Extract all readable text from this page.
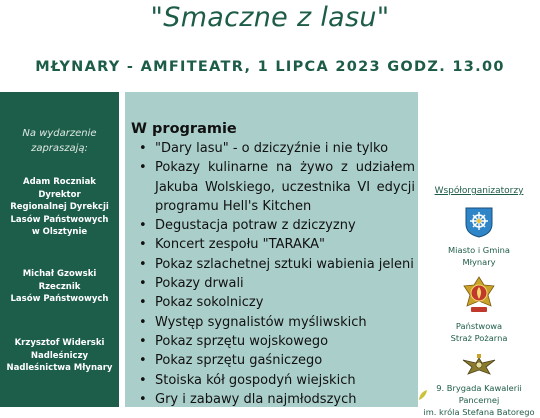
"Smaczne z lasu"
MŁYNARY - AMFITEATR, 1 LIPCA 2023 GODZ. 13.00
Na wydarzenie
zapraszają:
Adam Roczniak
Dyrektor
Regionalnej Dyrekcji
Lasów Państwowych
w Olsztynie
Michał Gzowski
Rzecznik
Lasów Państwowych
Krzysztof Widerski
Nadleśniczy
Nadleśnictwa Młynary
W programie
• "Dary lasu" - o dziczyźnie i nie tylko
• Pokazy kulinarne na żywo z udziałem Jakuba Wolskiego, uczestnika VI edycji programu Hell's Kitchen
• Degustacja potraw z dziczyzny
• Koncert zespołu "TARAKA"
• Pokaz szlachetnej sztuki wabienia jeleni
• Pokazy drwali
• Pokaz sokolniczy
• Występ sygnalistów myśliwskich
• Pokaz sprzętu wojskowego
• Pokaz sprzętu gaśniczego
• Stoiska kół gospodyń wiejskich
• Gry i zabawy dla najmłodszych
Współorganizatorzy
Miasto i Gmina
Młynary
Państwowa
Straż Pożarna
9. Brygada Kawalerii Pancernej
im. króla Stefana Batorego
